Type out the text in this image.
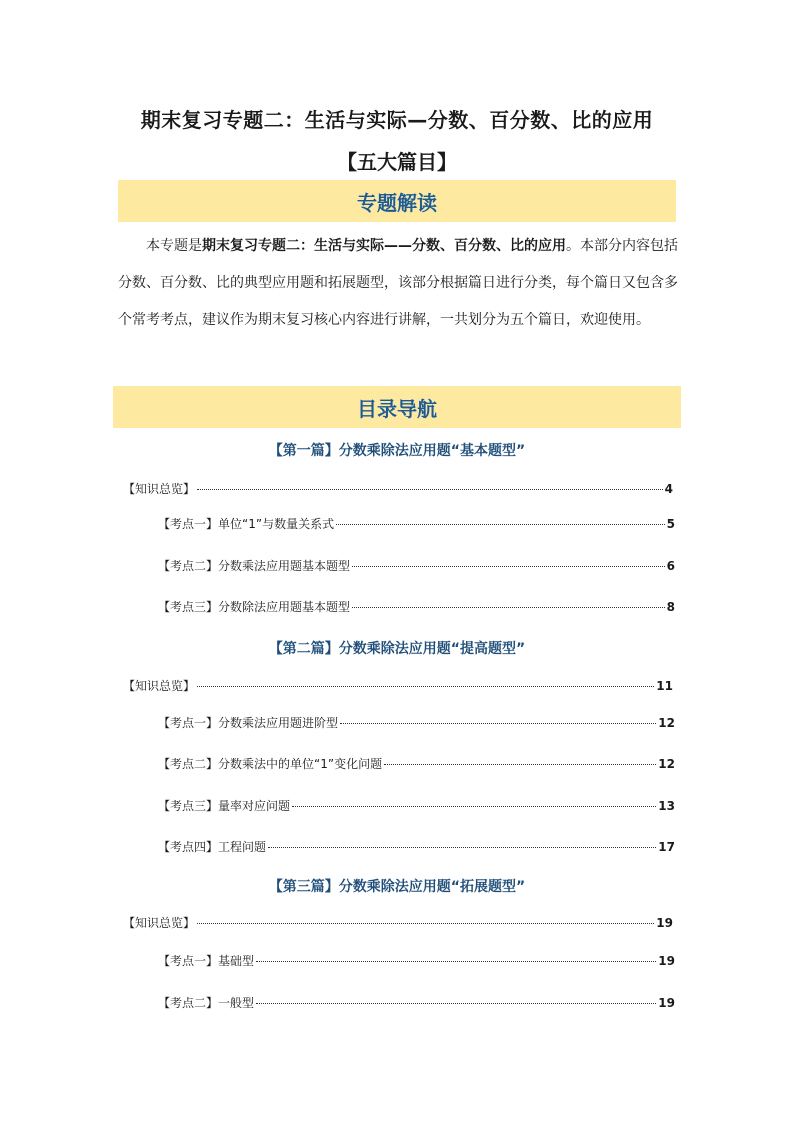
期末复习专题二：生活与实际—分数、百分数、比的应用
【五大篇目】
专题解读
本专题是期末复习专题二：生活与实际——分数、百分数、比的应用。本部分内容包括分数、百分数、比的典型应用题和拓展题型，该部分根据篇日进行分类，每个篇日又包含多个常考考点，建议作为期末复习核心内容进行讲解，一共划分为五个篇日，欢迎使用。
目录导航
【第一篇】分数乘除法应用题“基本题型”
【知识总览】	4
【考点一】单位“1”与数量关系式	5
【考点二】分数乘法应用题基本题型	6
【考点三】分数除法应用题基本题型	8
【第二篇】分数乘除法应用题“提高题型”
【知识总览】	11
【考点一】分数乘法应用题进阶型	12
【考点二】分数乘法中的单位“1”变化问题	12
【考点三】量率对应问题	13
【考点四】工程问题	17
【第三篇】分数乘除法应用题“拓展题型”
【知识总览】	19
【考点一】基础型	19
【考点二】一般型	19
